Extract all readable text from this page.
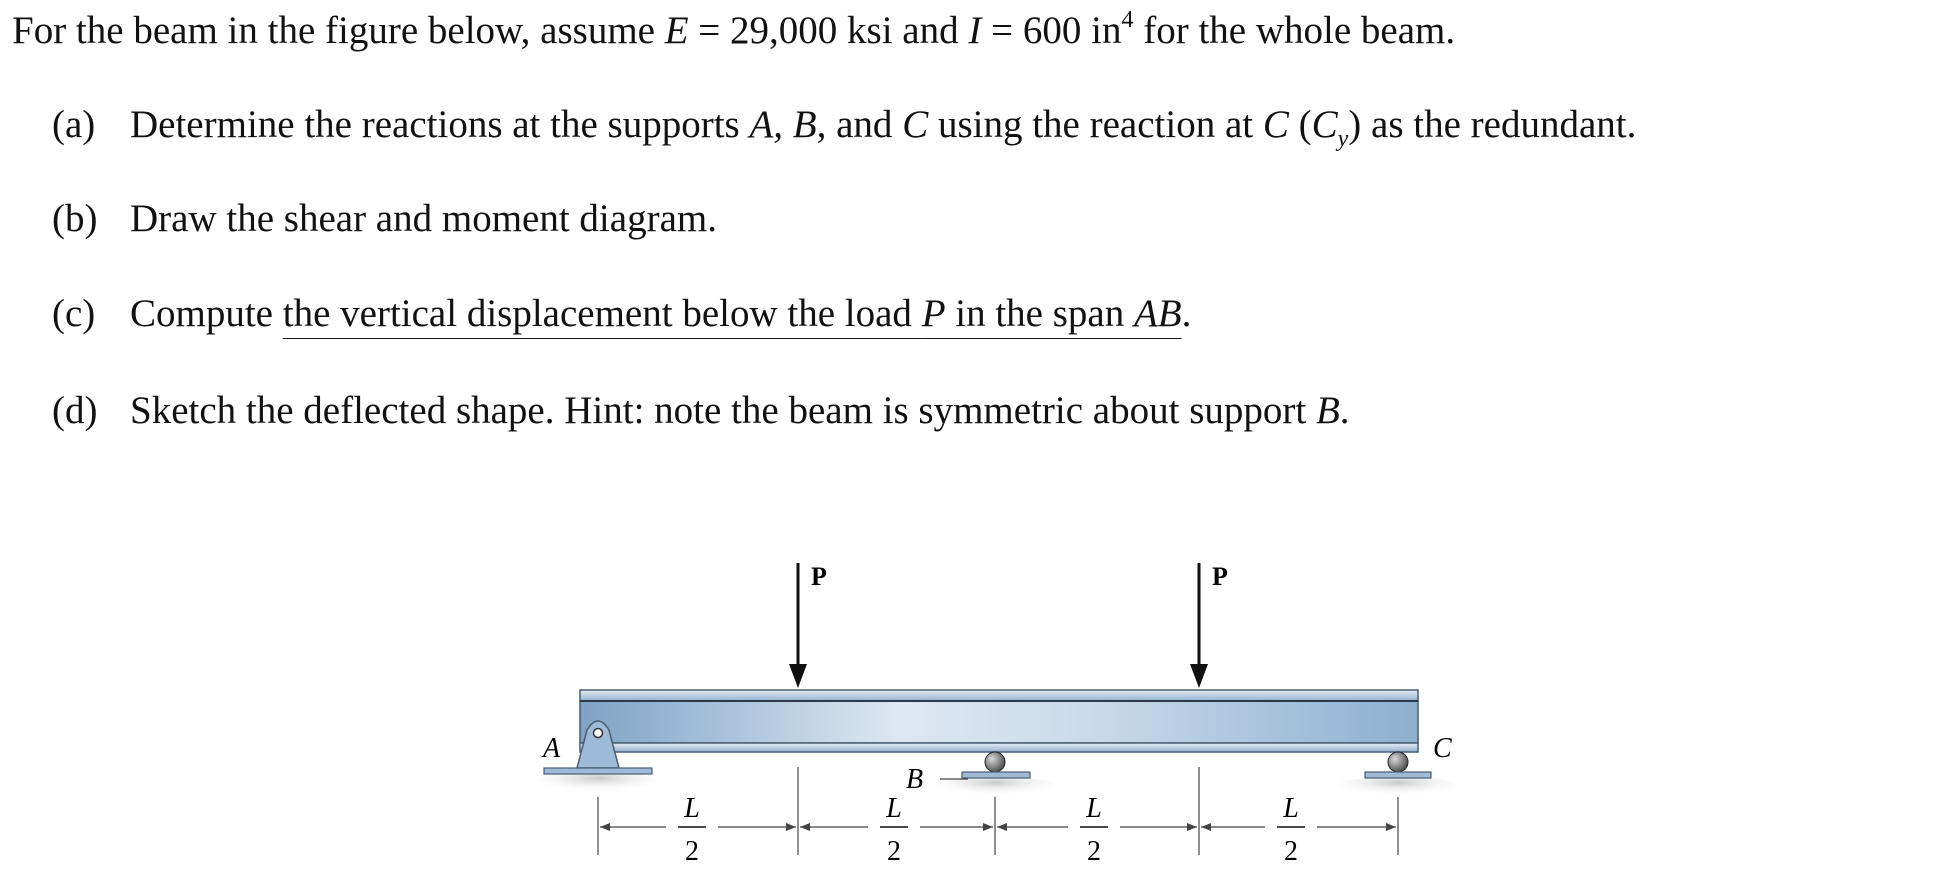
For the beam in the figure below, assume E = 29,000 ksi and I = 600 $in^4$ for the whole beam.
(a) Determine the reactions at the supports A, B, and C using the reaction at C $(C_y)$ as the redundant.
(b) Draw the shear and moment diagram.
(c) Compute the vertical displacement below the load P in the span AB.
(d) Sketch the deflected shape. Hint: note the beam is symmetric about support B.
P	P
A
B
C
L
2
L
2
L
2
L
2
